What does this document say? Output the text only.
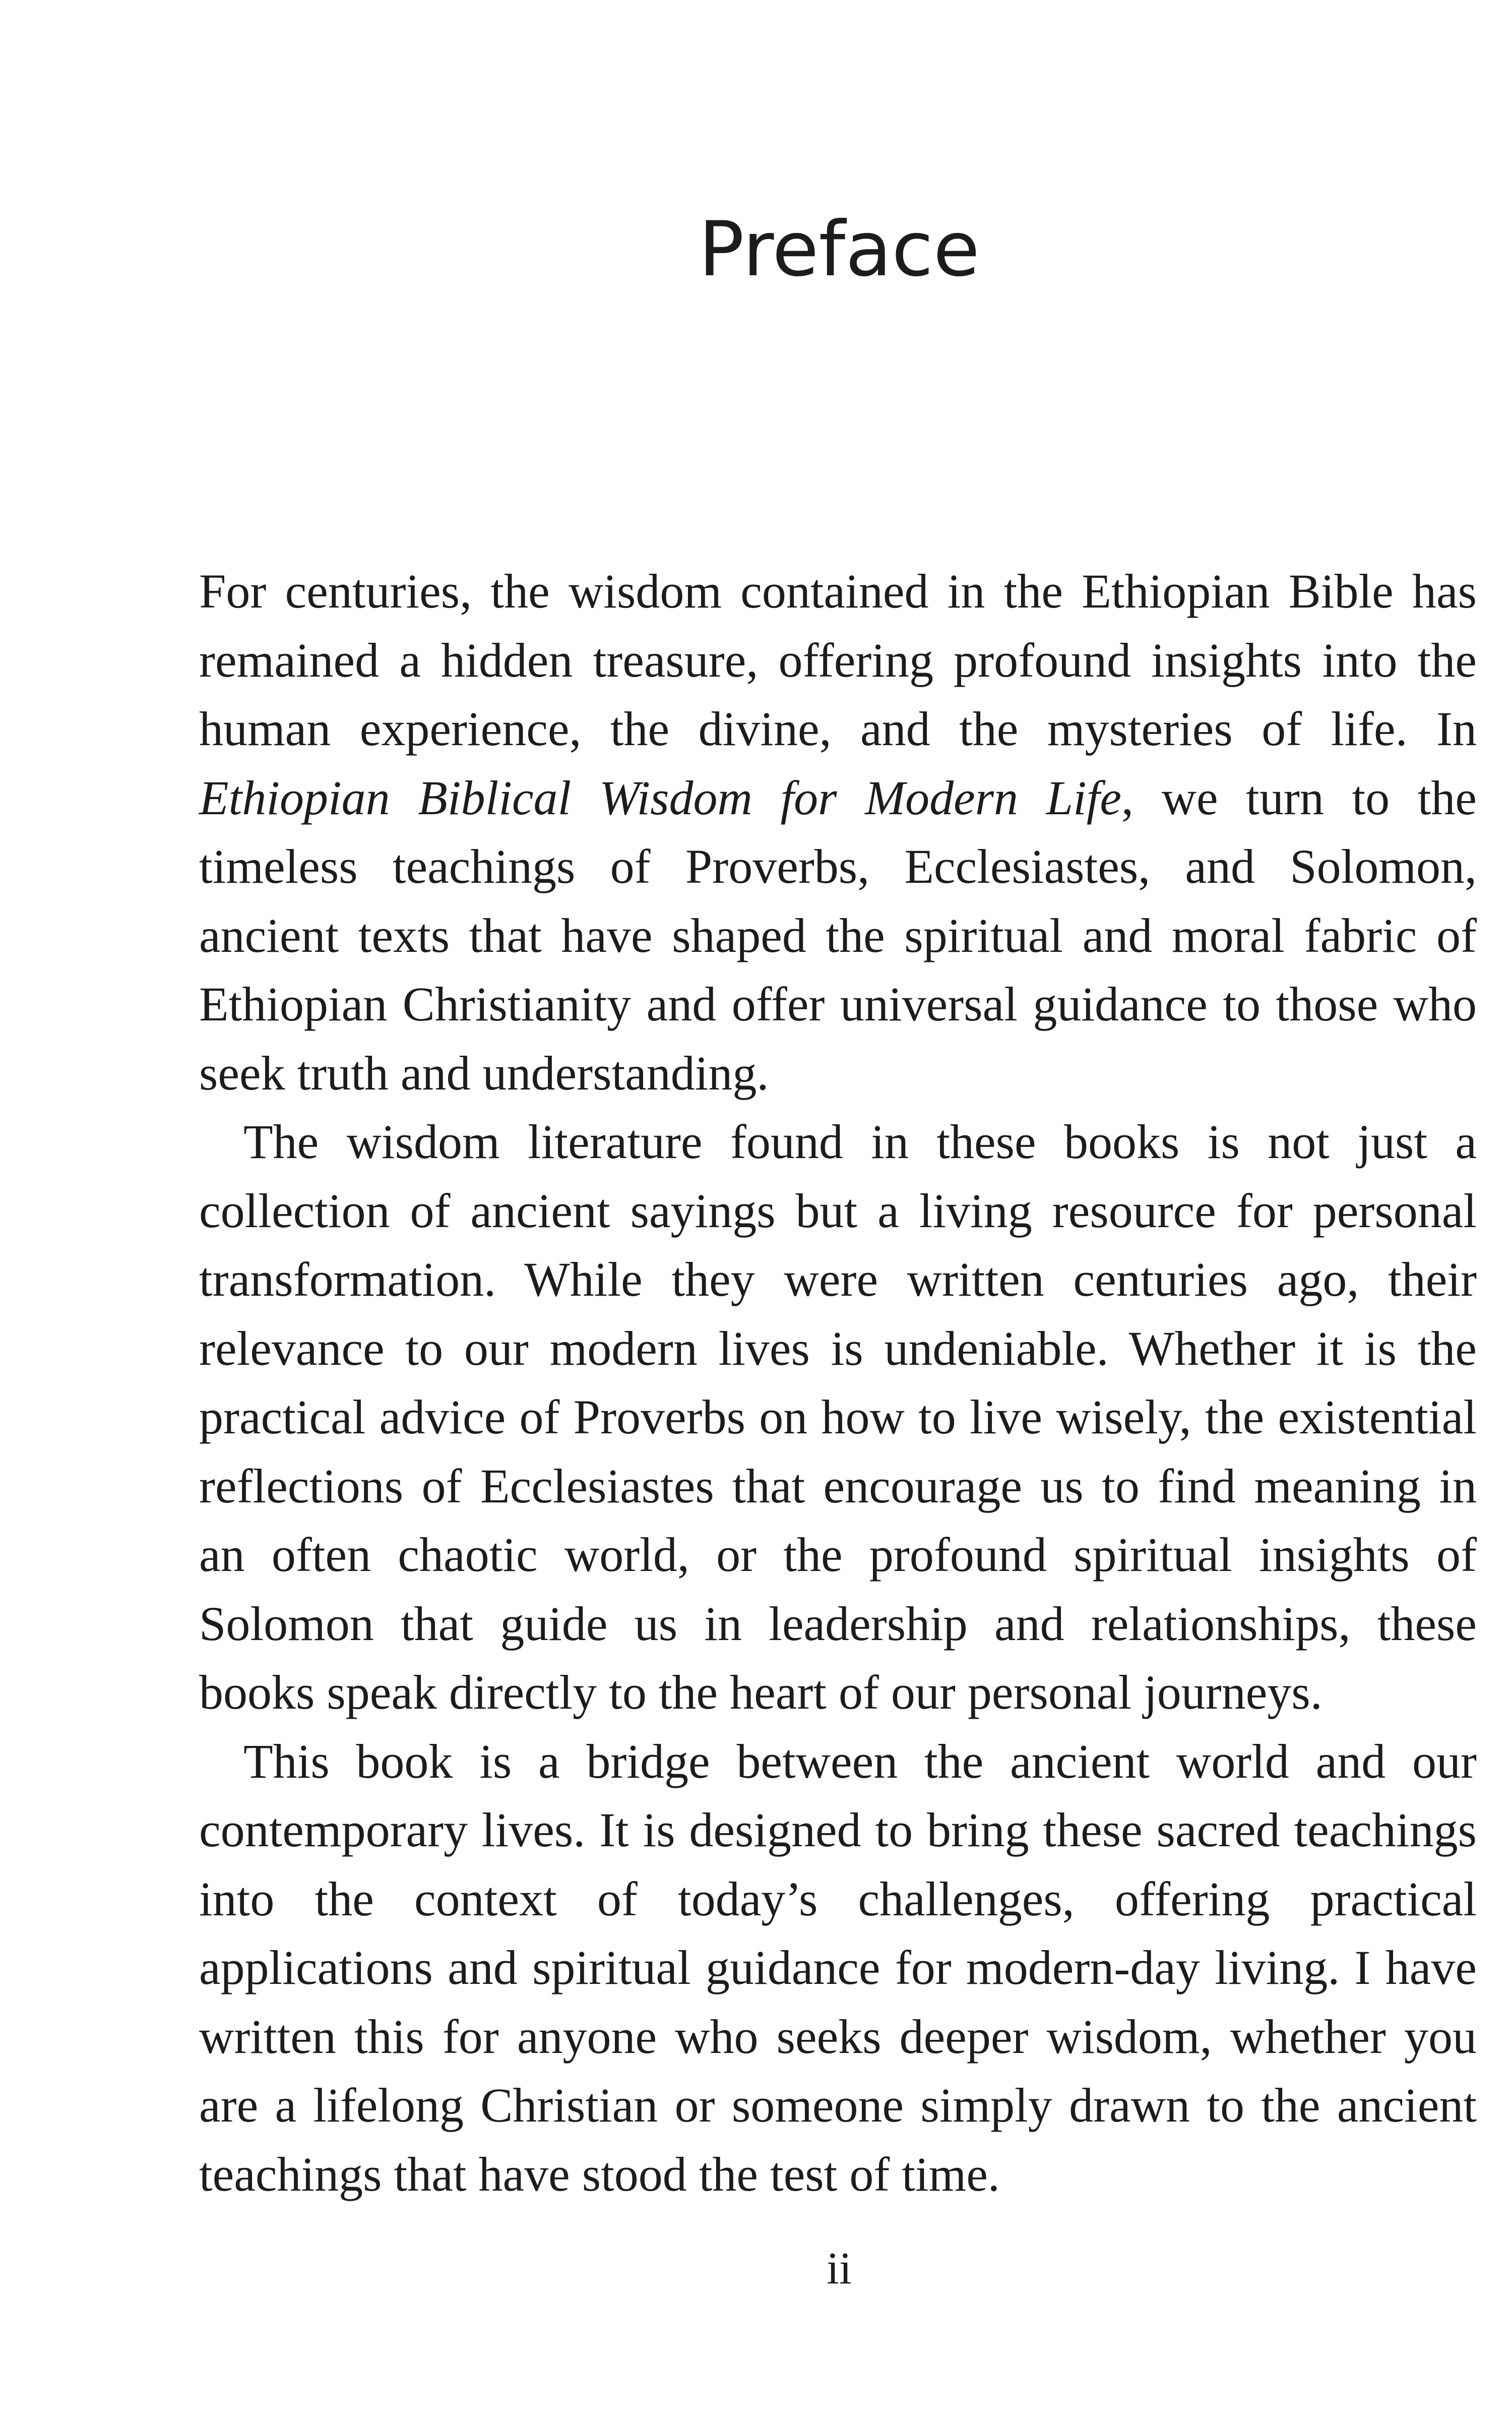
Preface

For centuries, the wisdom contained in the Ethiopian Bible has remained a hidden treasure, offering profound insights into the human experience, the divine, and the mysteries of life. In Ethiopian Biblical Wisdom for Modern Life, we turn to the timeless teachings of Proverbs, Ecclesiastes, and Solomon, ancient texts that have shaped the spiritual and moral fabric of Ethiopian Christianity and offer universal guidance to those who seek truth and understanding.

The wisdom literature found in these books is not just a collection of ancient sayings but a living resource for personal transformation. While they were written centuries ago, their relevance to our modern lives is undeniable. Whether it is the practical advice of Proverbs on how to live wisely, the existential reflections of Ecclesiastes that encourage us to find meaning in an often chaotic world, or the profound spiritual insights of Solomon that guide us in leadership and relationships, these books speak directly to the heart of our personal journeys.

This book is a bridge between the ancient world and our contemporary lives. It is designed to bring these sacred teachings into the context of today’s challenges, offering practical applications and spiritual guidance for modern-day living. I have written this for anyone who seeks deeper wisdom, whether you are a lifelong Christian or someone simply drawn to the ancient teachings that have stood the test of time.

ii
